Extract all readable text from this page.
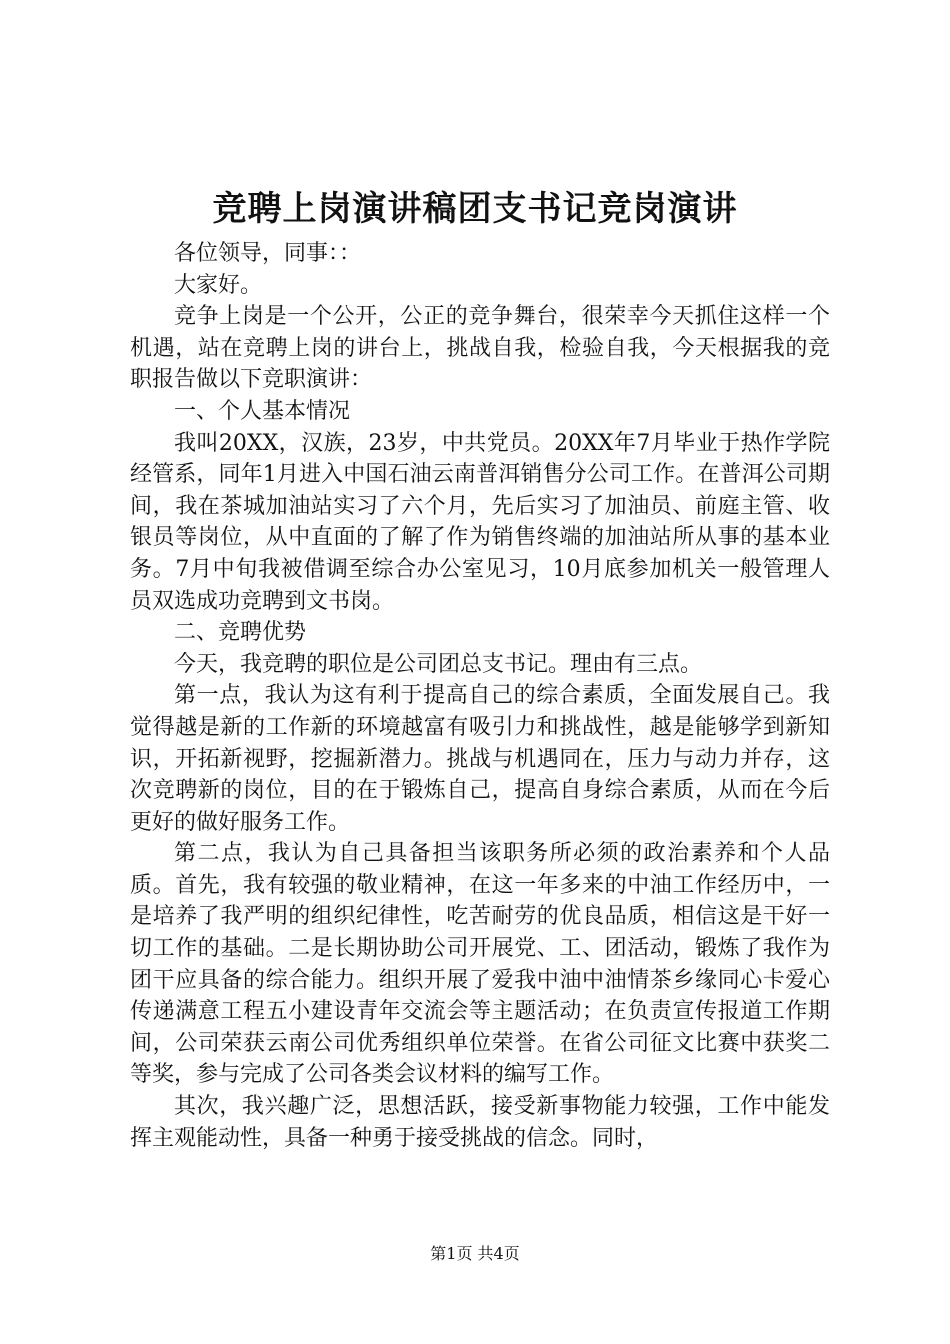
竞聘上岗演讲稿团支书记竞岗演讲

各位领导，同事：：

大家好。

竞争上岗是一个公开，公正的竞争舞台，很荣幸今天抓住这样一个机遇，站在竞聘上岗的讲台上，挑战自我，检验自我，今天根据我的竞职报告做以下竞职演讲：

一、个人基本情况

我叫20XX，汉族，23岁，中共党员。20XX年7月毕业于热作学院经管系，同年1月进入中国石油云南普洱销售分公司工作。在普洱公司期间，我在茶城加油站实习了六个月，先后实习了加油员、前庭主管、收银员等岗位，从中直面的了解了作为销售终端的加油站所从事的基本业务。7月中旬我被借调至综合办公室见习，10月底参加机关一般管理人员双选成功竞聘到文书岗。

二、竞聘优势

今天，我竞聘的职位是公司团总支书记。理由有三点。

第一点，我认为这有利于提高自己的综合素质，全面发展自己。我觉得越是新的工作新的环境越富有吸引力和挑战性，越是能够学到新知识，开拓新视野，挖掘新潜力。挑战与机遇同在，压力与动力并存，这次竞聘新的岗位，目的在于锻炼自己，提高自身综合素质，从而在今后更好的做好服务工作。

第二点，我认为自己具备担当该职务所必须的政治素养和个人品质。首先，我有较强的敬业精神，在这一年多来的中油工作经历中，一是培养了我严明的组织纪律性，吃苦耐劳的优良品质，相信这是干好一切工作的基础。二是长期协助公司开展党、工、团活动，锻炼了我作为团干应具备的综合能力。组织开展了爱我中油中油情茶乡缘同心卡爱心传递满意工程五小建设青年交流会等主题活动；在负责宣传报道工作期间，公司荣获云南公司优秀组织单位荣誉。在省公司征文比赛中获奖二等奖，参与完成了公司各类会议材料的编写工作。

其次，我兴趣广泛，思想活跃，接受新事物能力较强，工作中能发挥主观能动性，具备一种勇于接受挑战的信念。同时，

第1页 共4页
